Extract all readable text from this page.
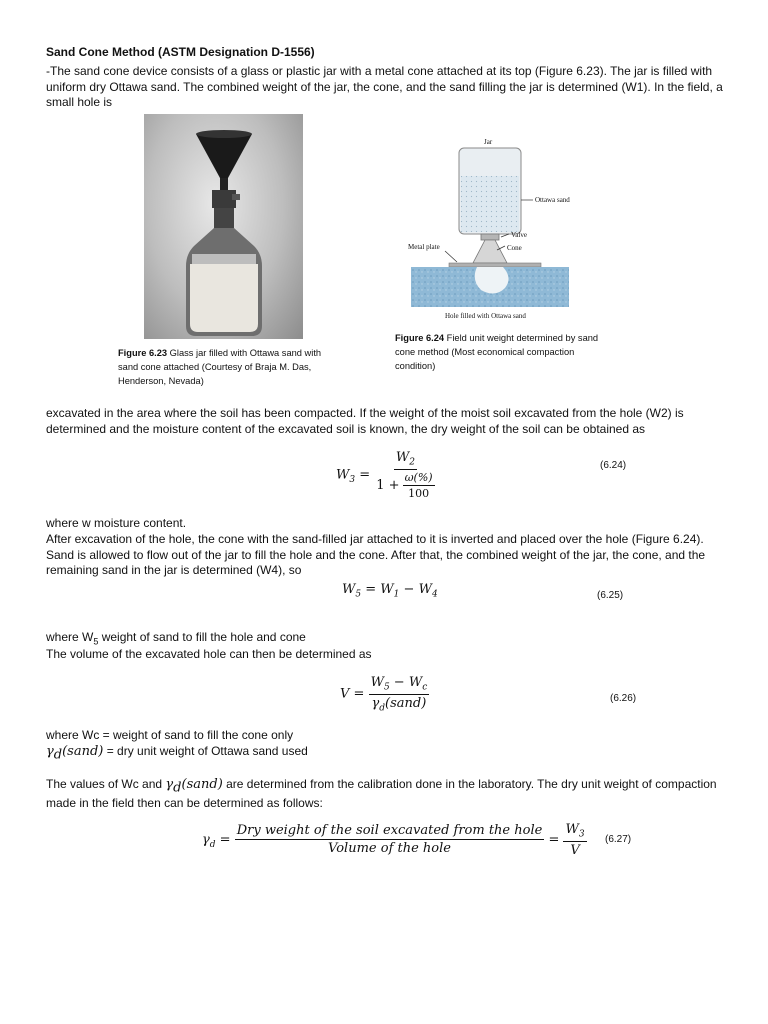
Sand Cone Method (ASTM Designation D-1556)
-The sand cone device consists of a glass or plastic jar with a metal cone attached at its top (Figure 6.23). The jar is filled with uniform dry Ottawa sand. The combined weight of the jar, the cone, and the sand filling the jar is determined (W1). In the field, a small hole is
Figure 6.23 Glass jar filled with Ottawa sand with sand cone attached (Courtesy of Braja M. Das, Henderson, Nevada)
Jar
Ottawa sand
Valve
Cone
Metal plate
Hole filled with Ottawa sand
Figure 6.24 Field unit weight determined by sand cone method (Most economical compaction condition)
excavated in the area where the soil has been compacted. If the weight of the moist soil excavated from the hole (W2) is determined and the moisture content of the excavated soil is known, the dry weight of the soil can be obtained as
$W_3 = \frac{W_2}{1 + \frac{\omega(\%)}{100}}$	(6.24)
where w moisture content.
After excavation of the hole, the cone with the sand-filled jar attached to it is inverted and placed over the hole (Figure 6.24). Sand is allowed to flow out of the jar to fill the hole and the cone. After that, the combined weight of the jar, the cone, and the remaining sand in the jar is determined (W4), so
$W_5 = W_1 - W_4$	(6.25)
where $W_5$ weight of sand to fill the hole and cone
The volume of the excavated hole can then be determined as
$V = \frac{W_5 - W_c}{\gamma_d(sand)}$	(6.26)
where Wc = weight of sand to fill the cone only
$\gamma_d(sand)$ = dry unit weight of Ottawa sand used
The values of Wc and $\gamma_d(sand)$ are determined from the calibration done in the laboratory. The dry unit weight of compaction made in the field then can be determined as follows:
$\gamma_d = \frac{\text{Dry weight of the soil excavated from the hole}}{\text{Volume of the hole}} = \frac{W_3}{V} (6.27)$
